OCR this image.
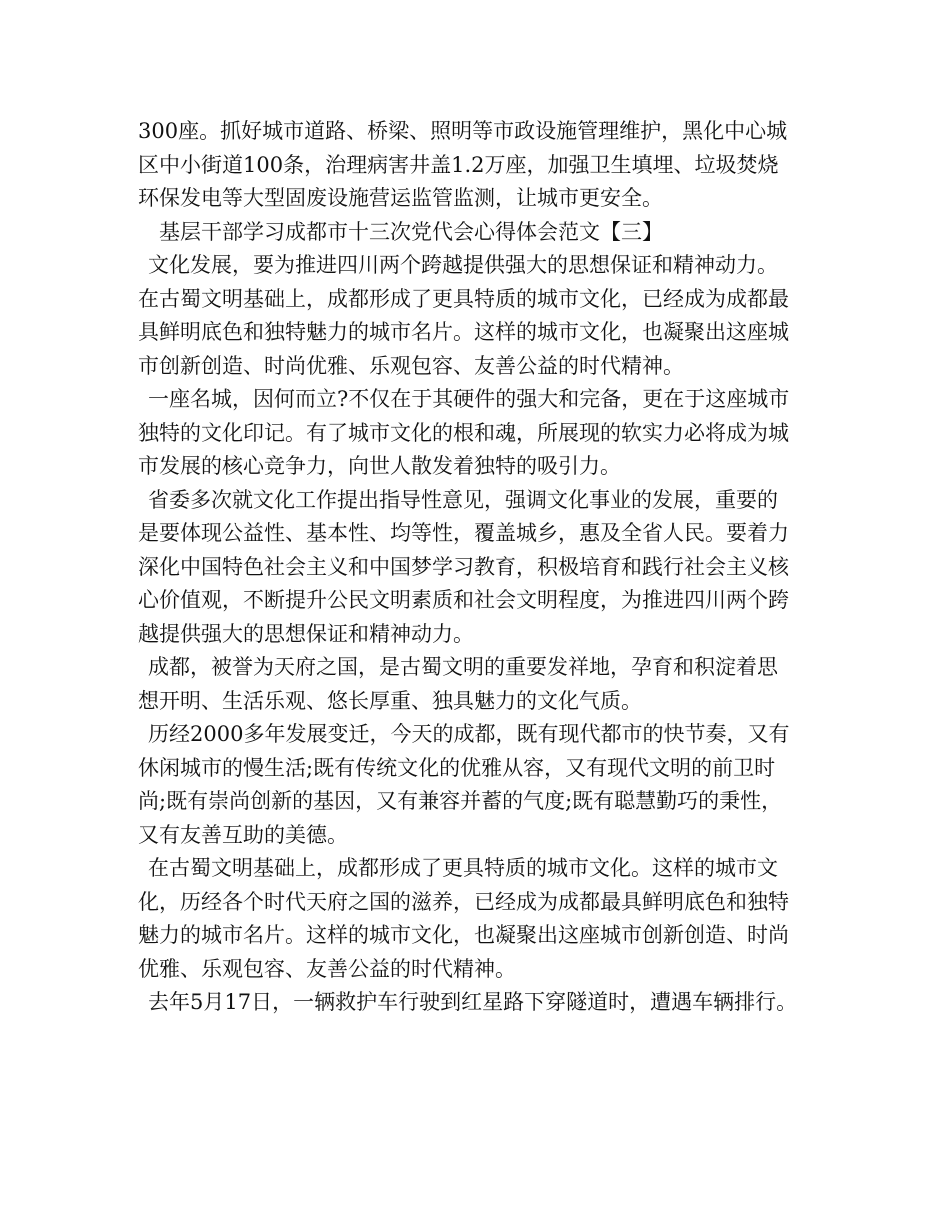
300座。抓好城市道路、桥梁、照明等市政设施管理维护，黑化中心城
区中小街道100条，治理病害井盖1.2万座，加强卫生填埋、垃圾焚烧
环保发电等大型固废设施营运监管监测，让城市更安全。
基层干部学习成都市十三次党代会心得体会范文【三】
文化发展，要为推进四川两个跨越提供强大的思想保证和精神动力。
在古蜀文明基础上，成都形成了更具特质的城市文化，已经成为成都最
具鲜明底色和独特魅力的城市名片。这样的城市文化，也凝聚出这座城
市创新创造、时尚优雅、乐观包容、友善公益的时代精神。
一座名城，因何而立?不仅在于其硬件的强大和完备，更在于这座城市
独特的文化印记。有了城市文化的根和魂，所展现的软实力必将成为城
市发展的核心竞争力，向世人散发着独特的吸引力。
省委多次就文化工作提出指导性意见，强调文化事业的发展，重要的
是要体现公益性、基本性、均等性，覆盖城乡，惠及全省人民。要着力
深化中国特色社会主义和中国梦学习教育，积极培育和践行社会主义核
心价值观，不断提升公民文明素质和社会文明程度，为推进四川两个跨
越提供强大的思想保证和精神动力。
成都，被誉为天府之国，是古蜀文明的重要发祥地，孕育和积淀着思
想开明、生活乐观、悠长厚重、独具魅力的文化气质。
历经2000多年发展变迁，今天的成都，既有现代都市的快节奏，又有
休闲城市的慢生活;既有传统文化的优雅从容，又有现代文明的前卫时
尚;既有崇尚创新的基因，又有兼容并蓄的气度;既有聪慧勤巧的秉性，
又有友善互助的美德。
在古蜀文明基础上，成都形成了更具特质的城市文化。这样的城市文
化，历经各个时代天府之国的滋养，已经成为成都最具鲜明底色和独特
魅力的城市名片。这样的城市文化，也凝聚出这座城市创新创造、时尚
优雅、乐观包容、友善公益的时代精神。
去年5月17日，一辆救护车行驶到红星路下穿隧道时，遭遇车辆排行。
